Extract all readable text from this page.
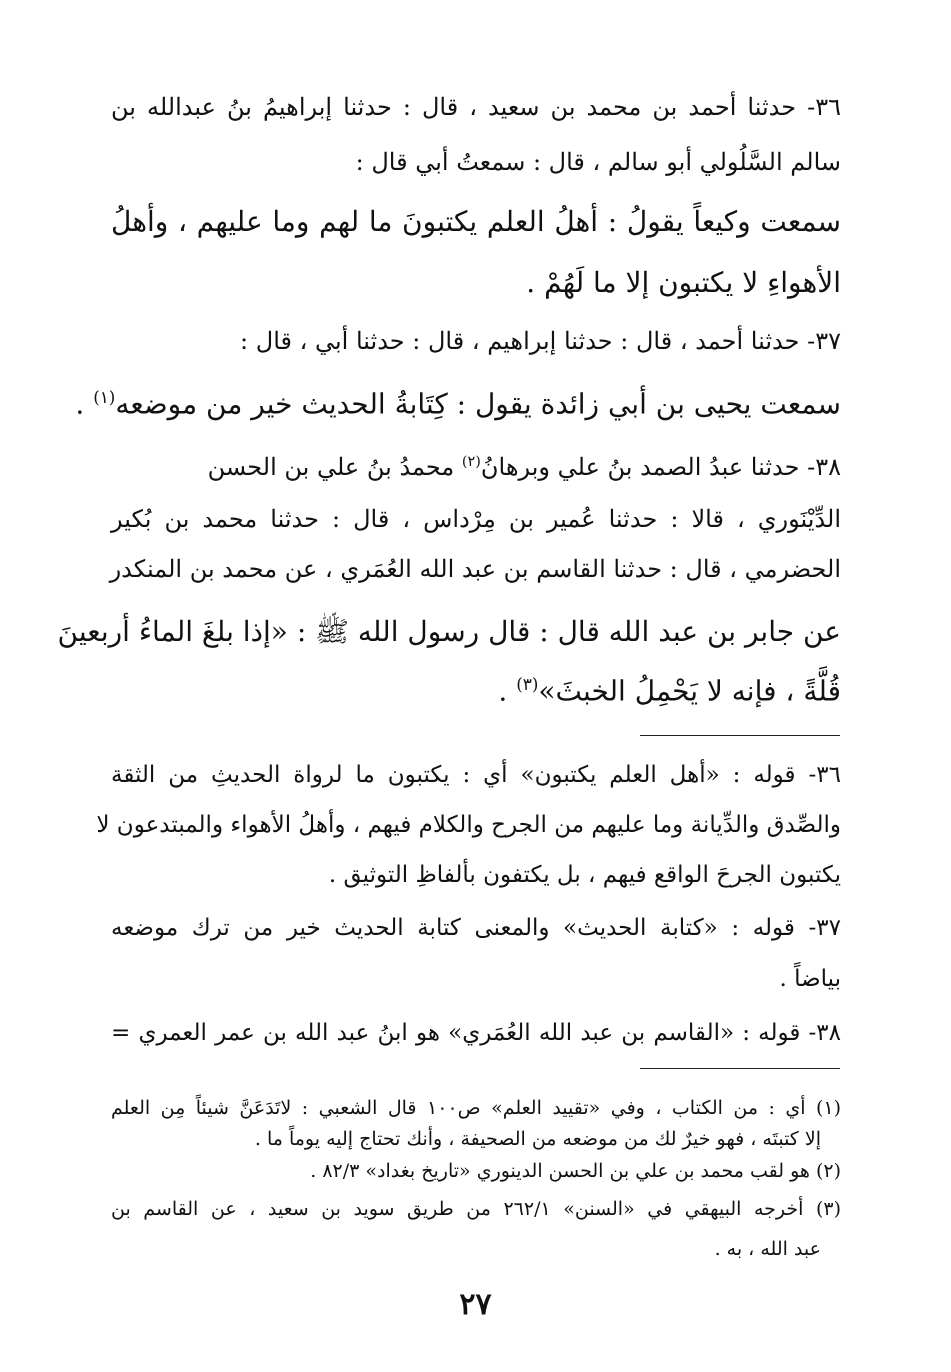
٣٦- حدثنا أحمد بن محمد بن سعيد ، قال : حدثنا إبراهيمُ بنُ عبدالله بن
سالم السَّلُولي أبو سالم ، قال : سمعتُ أبي قال :
سمعت وكيعاً يقولُ : أهلُ العلم يكتبونَ ما لهم وما عليهم ، وأهلُ
الأهواءِ لا يكتبون إلا ما لَهُمْ .
٣٧- حدثنا أحمد ، قال : حدثنا إبراهيم ، قال : حدثنا أبي ، قال :
سمعت يحيى بن أبي زائدة يقول : كِتَابةُ الحديث خير من موضعه$^{(١)}$ .
٣٨- حدثنا عبدُ الصمد بنُ علي وبرهانُ$^{(٢)}$ محمدُ بنُ علي بن الحسن
الدِّيْنَوري ، قالا : حدثنا عُمير بن مِرْداس ، قال : حدثنا محمد بن بُكير
الحضرمي ، قال : حدثنا القاسم بن عبد الله العُمَري ، عن محمد بن المنكدر
عن جابر بن عبد الله قال : قال رسول الله ﷺ : «إذا بلغَ الماءُ أربعينَ
قُلَّةً ، فإنه لا يَحْمِلُ الخبثَ»$^{(٣)}$ .
٣٦- قوله : «أهل العلم يكتبون» أي : يكتبون ما لرواة الحديثِ من الثقة
والصِّدق والدِّيانة وما عليهم من الجرح والكلام فيهم ، وأهلُ الأهواء والمبتدعون لا
يكتبون الجرحَ الواقع فيهم ، بل يكتفون بألفاظِ التوثيق .
٣٧- قوله : «كتابة الحديث» والمعنى كتابة الحديث خير من ترك موضعه
بياضاً .
٣٨- قوله : «القاسم بن عبد الله العُمَري» هو ابنُ عبد الله بن عمر العمري =
(١) أي : من الكتاب ، وفي «تقييد العلم» ص١٠٠ قال الشعبي : لاتَدَعَنَّ شيئاً مِن العلم
إلا كتبتَه ، فهو خيرٌ لك من موضعه من الصحيفة ، وأنك تحتاج إليه يوماً ما .
(٢) هو لقب محمد بن علي بن الحسن الدينوري «تاريخ بغداد» ٨٢/٣ .
(٣) أخرجه البيهقي في «السنن» ٢٦٢/١ من طريق سويد بن سعيد ، عن القاسم بن
عبد الله ، به .
٢٧
